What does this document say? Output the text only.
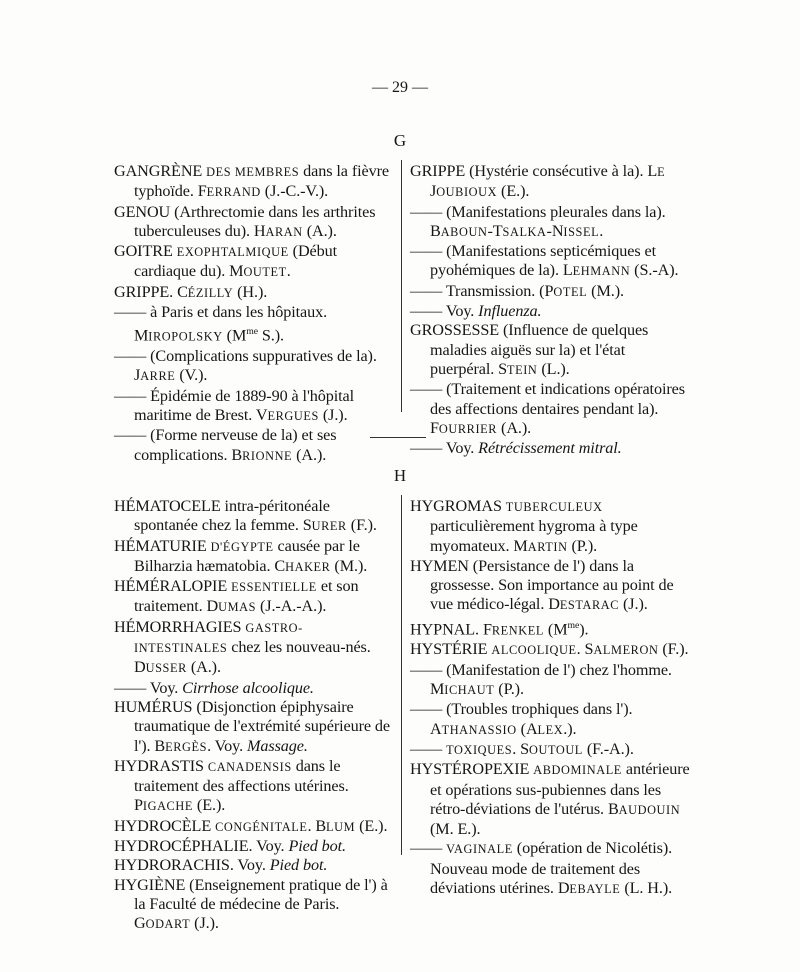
— 29 —
G
GANGRÈNE DES MEMBRES dans la fièvre typhoïde. FERRAND (J.-C.-V.).
GENOU (Arthrectomie dans les arthrites tuberculeuses du). HARAN (A.).
GOITRE EXOPHTALMIQUE (Début cardiaque du). MOUTET.
GRIPPE. CÉZILLY (H.).
—— à Paris et dans les hôpitaux. MIROPOLSKY ($M^{me}$ S.).
—— (Complications suppuratives de la). JARRE (V.).
—— Épidémie de 1889-90 à l'hôpital maritime de Brest. VERGUES (J.).
—— (Forme nerveuse de la) et ses complications. BRIONNE (A.).
GRIPPE (Hystérie consécutive à la). LE JOUBIOUX (E.).
—— (Manifestations pleurales dans la). BABOUN-TSALKA-NISSEL.
—— (Manifestations septicémiques et pyohémiques de la). LEHMANN (S.-A).
—— Transmission. (POTEL (M.).
—— Voy. Influenza.
GROSSESSE (Influence de quelques maladies aiguës sur la) et l'état puerpéral. STEIN (L.).
—— (Traitement et indications opératoires des affections dentaires pendant la). FOURRIER (A.).
—— Voy. Rétrécissement mitral.
H
HÉMATOCELE intra-péritonéale spontanée chez la femme. SURER (F.).
HÉMATURIE D'ÉGYPTE causée par le Bilharzia hæmatobia. CHAKER (M.).
HÉMÉRALOPIE ESSENTIELLE et son traitement. DUMAS (J.-A.-A.).
HÉMORRHAGIES GASTRO-INTESTINALES chez les nouveau-nés. DUSSER (A.).
—— Voy. Cirrhose alcoolique.
HUMÉRUS (Disjonction épiphysaire traumatique de l'extrémité supérieure de l'). BERGÈS. Voy. Massage.
HYDRASTIS CANADENSIS dans le traitement des affections utérines. PIGACHE (E.).
HYDROCÈLE CONGÉNITALE. BLUM (E.).
HYDROCÉPHALIE. Voy. Pied bot.
HYDRORACHIS. Voy. Pied bot.
HYGIÈNE (Enseignement pratique de l') à la Faculté de médecine de Paris. GODART (J.).
HYGROMAS TUBERCULEUX particulièrement hygroma à type myomateux. MARTIN (P.).
HYMEN (Persistance de l') dans la grossesse. Son importance au point de vue médico-légal. DESTARAC (J.).
HYPNAL. FRENKEL $(M^{me})$.
HYSTÉRIE ALCOOLIQUE. SALMERON (F.).
—— (Manifestation de l') chez l'homme. MICHAUT (P.).
—— (Troubles trophiques dans l'). ATHANASSIO (ALEX.).
—— TOXIQUES. SOUTOUL (F.-A.).
HYSTÉROPEXIE ABDOMINALE antérieure et opérations sus-pubiennes dans les rétro-déviations de l'utérus. BAUDOUIN (M. E.).
—— VAGINALE (opération de Nicolétis). Nouveau mode de traitement des déviations utérines. DEBAYLE (L. H.).
